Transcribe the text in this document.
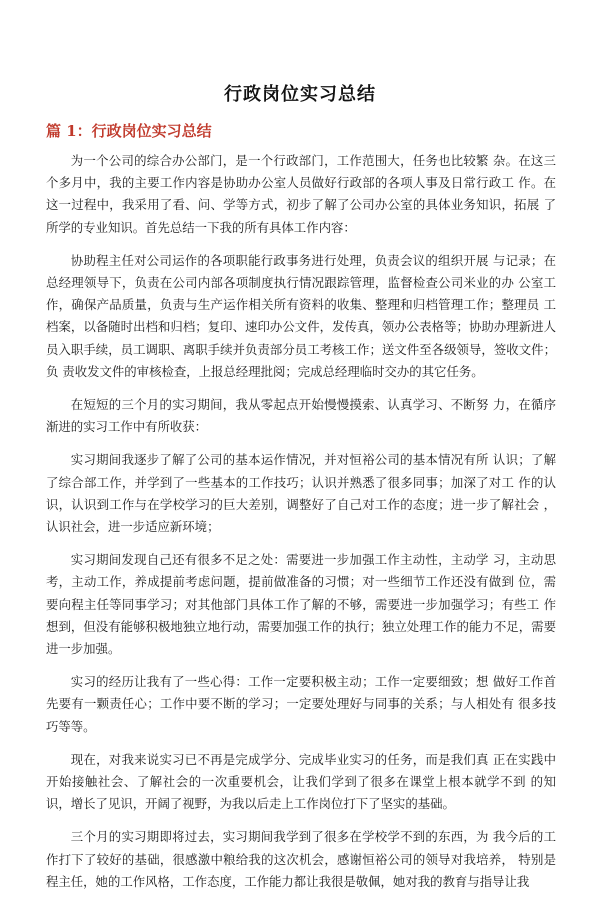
行政岗位实习总结
篇 1：行政岗位实习总结

为一个公司的综合办公部门，是一个行政部门，工作范围大，任务也比较繁 杂。在这三个多月中，我的主要工作内容是协助办公室人员做好行政部的各项人事及日常行政工 作。在这一过程中，我采用了看、问、学等方式，初步了解了公司办公室的具体业务知识，拓展 了所学的专业知识。首先总结一下我的所有具体工作内容：

协助程主任对公司运作的各项职能行政事务进行处理，负责会议的组织开展 与记录；在总经理领导下，负责在公司内部各项制度执行情况跟踪管理，监督检查公司米业的办 公室工作，确保产品质量，负责与生产运作相关所有资料的收集、整理和归档管理工作；整理员 工档案，以备随时出档和归档；复印、速印办公文件，发传真，领办公表格等；协助办理新进人 员入职手续，员工调职、离职手续并负责部分员工考核工作；送文件至各级领导，签收文件；负 责收发文件的审核检查，上报总经理批阅；完成总经理临时交办的其它任务。

在短短的三个月的实习期间，我从零起点开始慢慢摸索、认真学习、不断努 力，在循序渐进的实习工作中有所收获：

实习期间我逐步了解了公司的基本运作情况，并对恒裕公司的基本情况有所 认识；了解了综合部工作，并学到了一些基本的工作技巧；认识并熟悉了很多同事；加深了对工 作的认识，认识到工作与在学校学习的巨大差别，调整好了自己对工作的态度；进一步了解社会 ，认识社会，进一步适应新环境；

实习期间发现自己还有很多不足之处：需要进一步加强工作主动性，主动学 习，主动思考，主动工作，养成提前考虑问题，提前做准备的习惯；对一些细节工作还没有做到 位，需要向程主任等同事学习；对其他部门具体工作了解的不够，需要进一步加强学习；有些工 作想到，但没有能够积极地独立地行动，需要加强工作的执行；独立处理工作的能力不足，需要 进一步加强。

实习的经历让我有了一些心得：工作一定要积极主动；工作一定要细致；想 做好工作首先要有一颗责任心；工作中要不断的学习；一定要处理好与同事的关系；与人相处有 很多技巧等等。

现在，对我来说实习已不再是完成学分、完成毕业实习的任务，而是我们真 正在实践中开始接触社会、了解社会的一次重要机会，让我们学到了很多在课堂上根本就学不到 的知识，增长了见识，开阔了视野，为我以后走上工作岗位打下了坚实的基础。

三个月的实习期即将过去，实习期间我学到了很多在学校学不到的东西，为 我今后的工作打下了较好的基础，很感激中粮给我的这次机会，感谢恒裕公司的领导对我培养， 特别是程主任，她的工作风格，工作态度，工作能力都让我很是敬佩，她对我的教育与指导让我
